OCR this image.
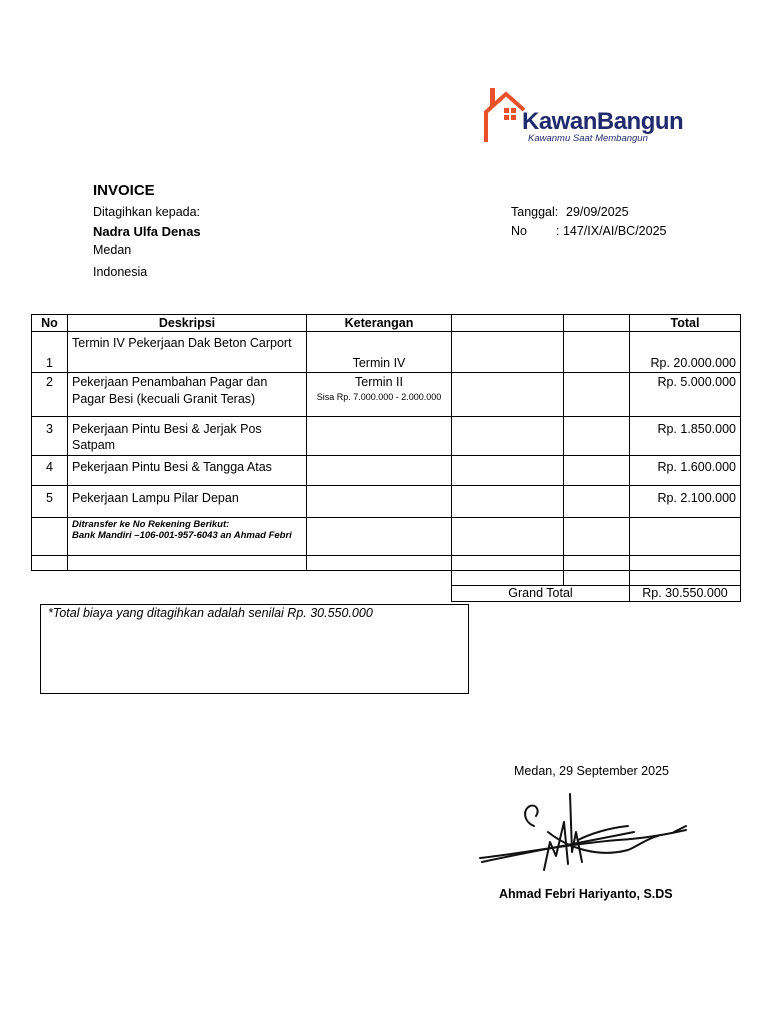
KawanBangun
Kawanmu Saat Membangun
INVOICE
Ditagihkan kepada:
Nadra Ulfa Denas
Medan
Indonesia
Tanggal: 29/09/2025
No : 147/IX/AI/BC/2025
No	Deskripsi	Keterangan			Total
1	Termin IV Pekerjaan Dak Beton Carport	Termin IV			Rp. 20.000.000
2	Pekerjaan Penambahan Pagar dan Pagar Besi (kecuali Granit Teras)	Termin II
Sisa Rp. 7.000.000 - 2.000.000			Rp. 5.000.000
3	Pekerjaan Pintu Besi & Jerjak Pos Satpam				Rp. 1.850.000
4	Pekerjaan Pintu Besi & Tangga Atas				Rp. 1.600.000
5	Pekerjaan Lampu Pilar Depan				Rp. 2.100.000

	Ditransfer ke No Rekening Berikut:
Bank Mandiri –106-001-957-6043 an Ahmad Febri				

			Grand Total		Rp. 30.550.000
*Total biaya yang ditagihkan adalah senilai Rp. 30.550.000
Medan, 29 September 2025
Ahmad Febri Hariyanto, S.DS
